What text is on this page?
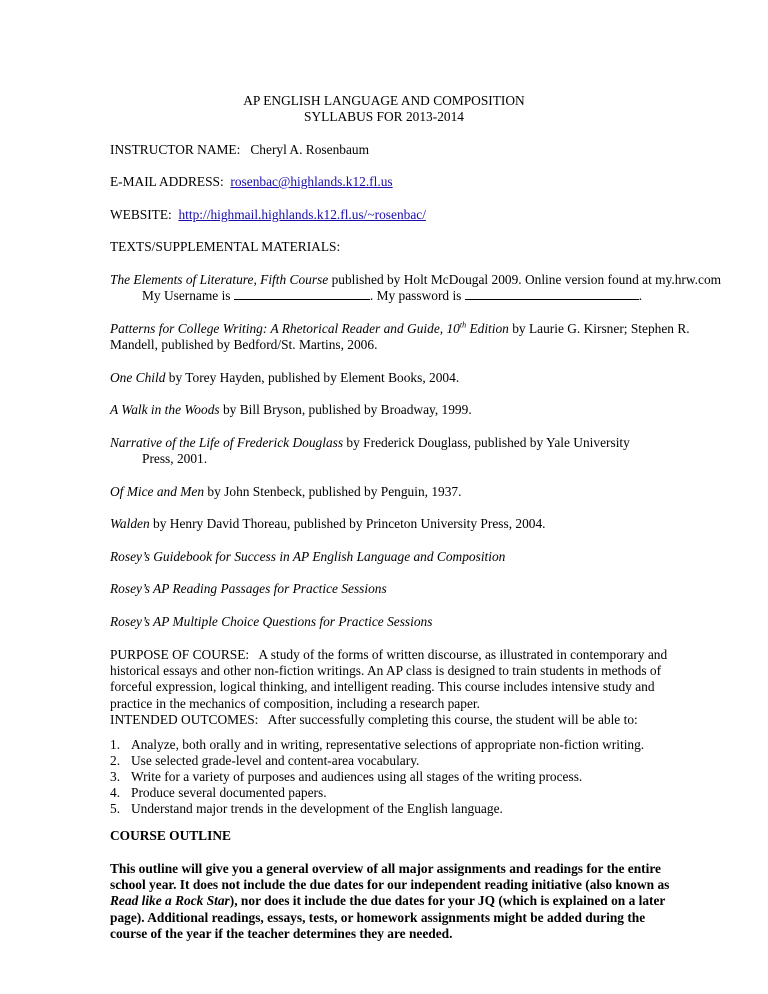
AP ENGLISH LANGUAGE AND COMPOSITION

SYLLABUS FOR 2013-2014

INSTRUCTOR NAME: Cheryl A. Rosenbaum

E-MAIL ADDRESS: rosenbac@highlands.k12.fl.us

WEBSITE: http://highmail.highlands.k12.fl.us/~rosenbac/

TEXTS/SUPPLEMENTAL MATERIALS:

The Elements of Literature, Fifth Course published by Holt McDougal 2009. Online version found at my.hrw.com

My Username is	. My password is	.

Patterns for College Writing: A Rhetorical Reader and Guide, 10th Edition by Laurie G. Kirsner; Stephen R.

Mandell, published by Bedford/St. Martins, 2006.

One Child by Torey Hayden, published by Element Books, 2004.

A Walk in the Woods by Bill Bryson, published by Broadway, 1999.

Narrative of the Life of Frederick Douglass by Frederick Douglass, published by Yale University

Press, 2001.

Of Mice and Men by John Stenbeck, published by Penguin, 1937.

Walden by Henry David Thoreau, published by Princeton University Press, 2004.

Rosey’s Guidebook for Success in AP English Language and Composition

Rosey’s AP Reading Passages for Practice Sessions

Rosey’s AP Multiple Choice Questions for Practice Sessions

PURPOSE OF COURSE: A study of the forms of written discourse, as illustrated in contemporary and historical essays and other non-fiction writings. An AP class is designed to train students in methods of forceful expression, logical thinking, and intelligent reading. This course includes intensive study and practice in the mechanics of composition, including a research paper.

INTENDED OUTCOMES: After successfully completing this course, the student will be able to:

1. Analyze, both orally and in writing, representative selections of appropriate non-fiction writing.
2. Use selected grade-level and content-area vocabulary.
3. Write for a variety of purposes and audiences using all stages of the writing process.
4. Produce several documented papers.
5. Understand major trends in the development of the English language.

COURSE OUTLINE

This outline will give you a general overview of all major assignments and readings for the entire school year. It does not include the due dates for our independent reading initiative (also known as Read like a Rock Star), nor does it include the due dates for your JQ (which is explained on a later page). Additional readings, essays, tests, or homework assignments might be added during the course of the year if the teacher determines they are needed.
